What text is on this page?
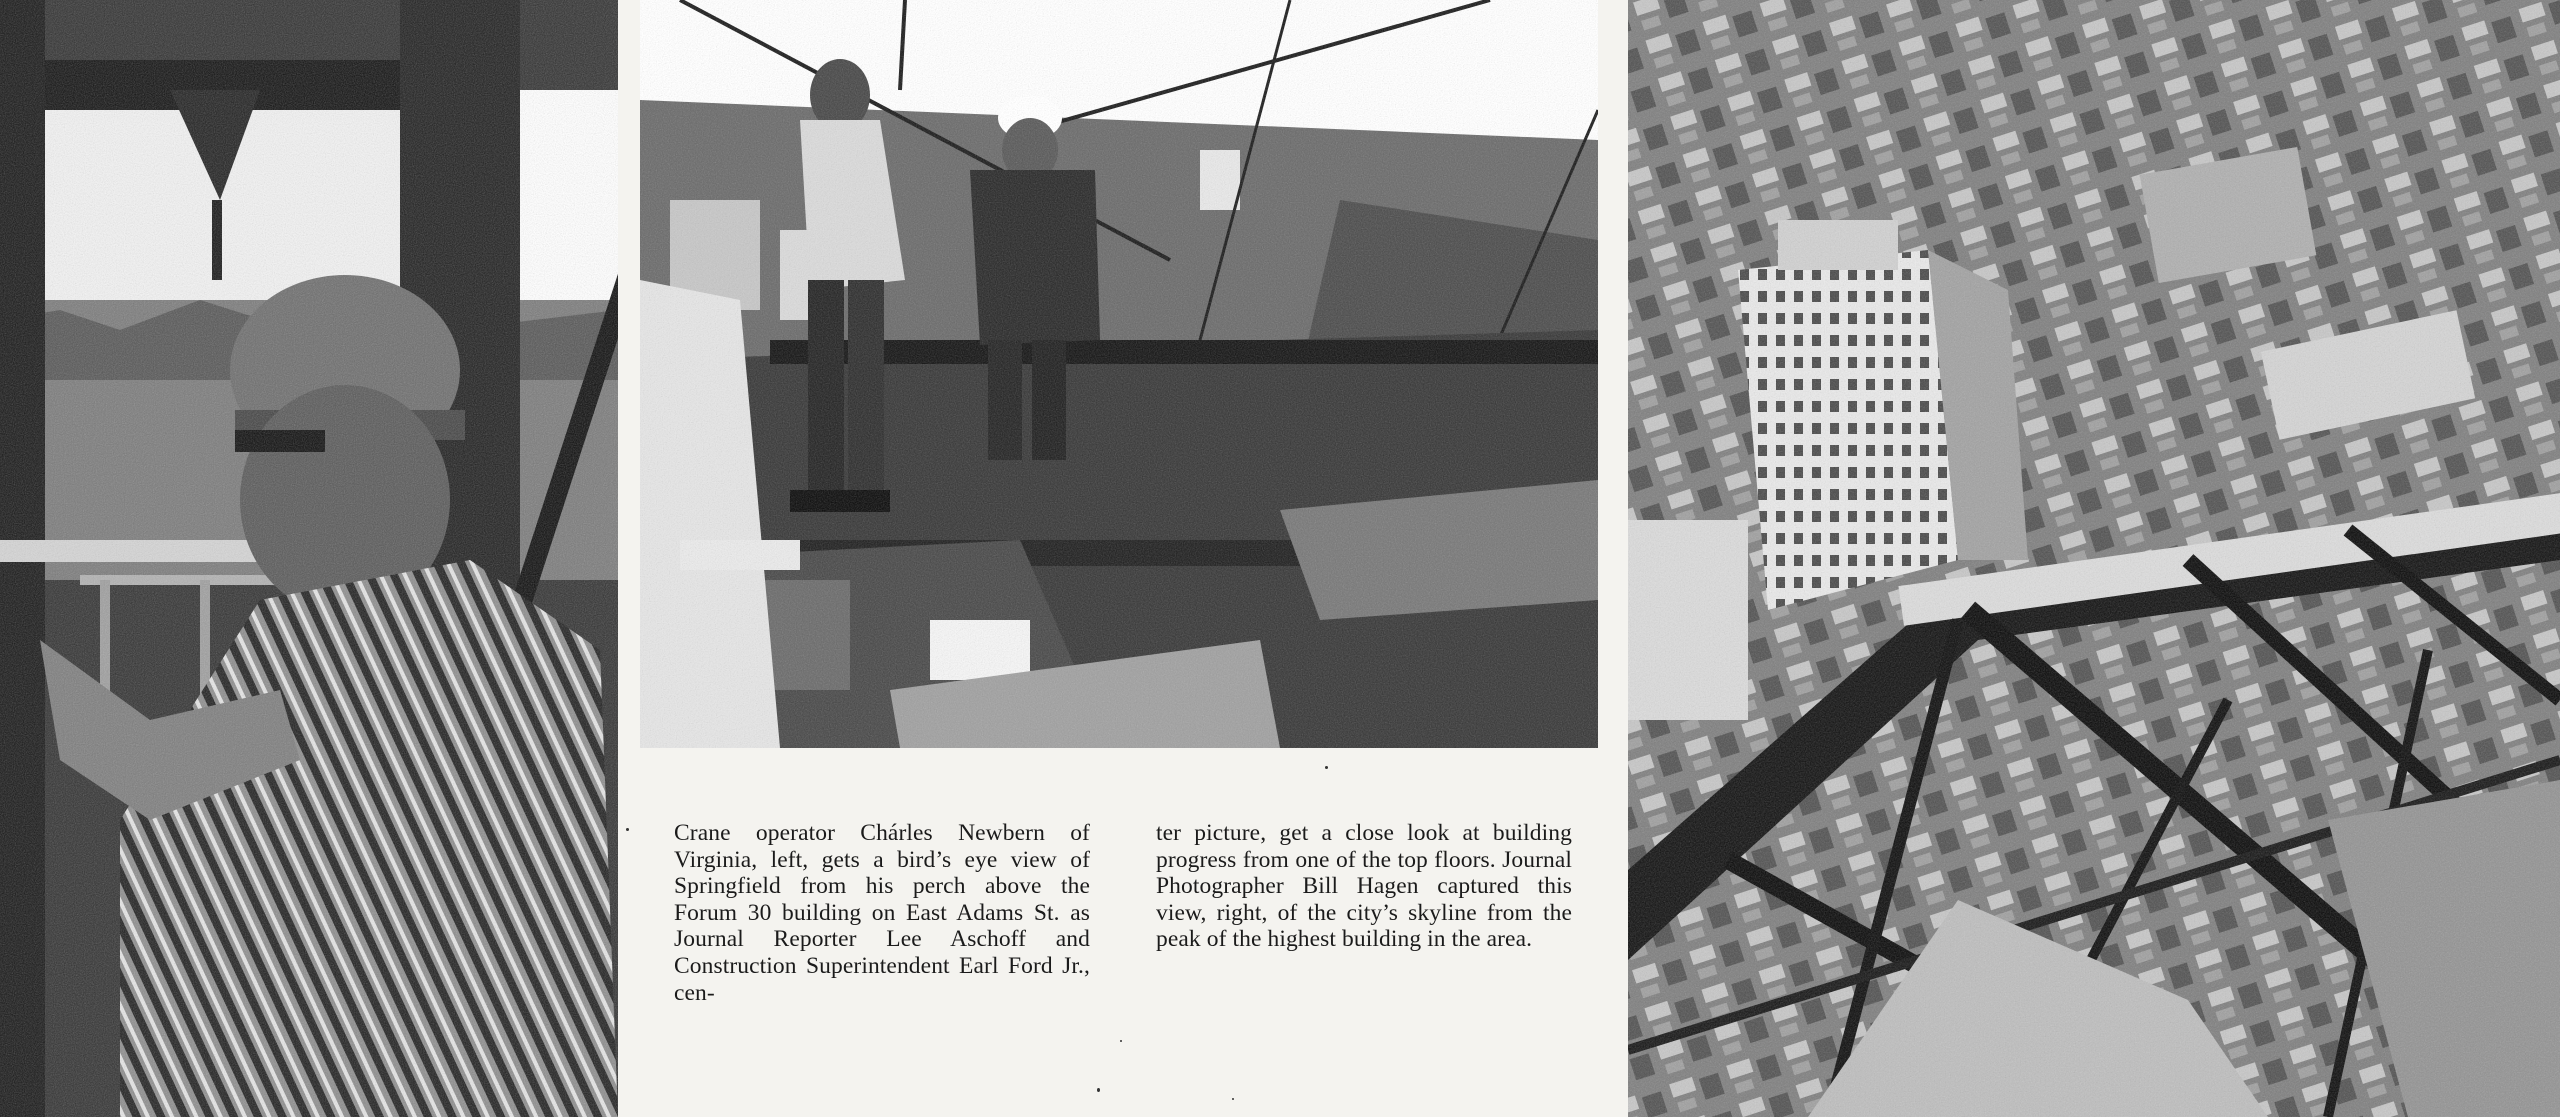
Crane operator Chárles Newbern of Virginia, left, gets a bird’s eye view of Springfield from his perch above the Forum 30 building on East Adams St. as Journal Reporter Lee Aschoff and Construction Superintendent Earl Ford Jr., cen-
ter picture, get a close look at building progress from one of the top floors. Journal Photographer Bill Hagen captured this view, right, of the city’s skyline from the peak of the highest building in the area.
